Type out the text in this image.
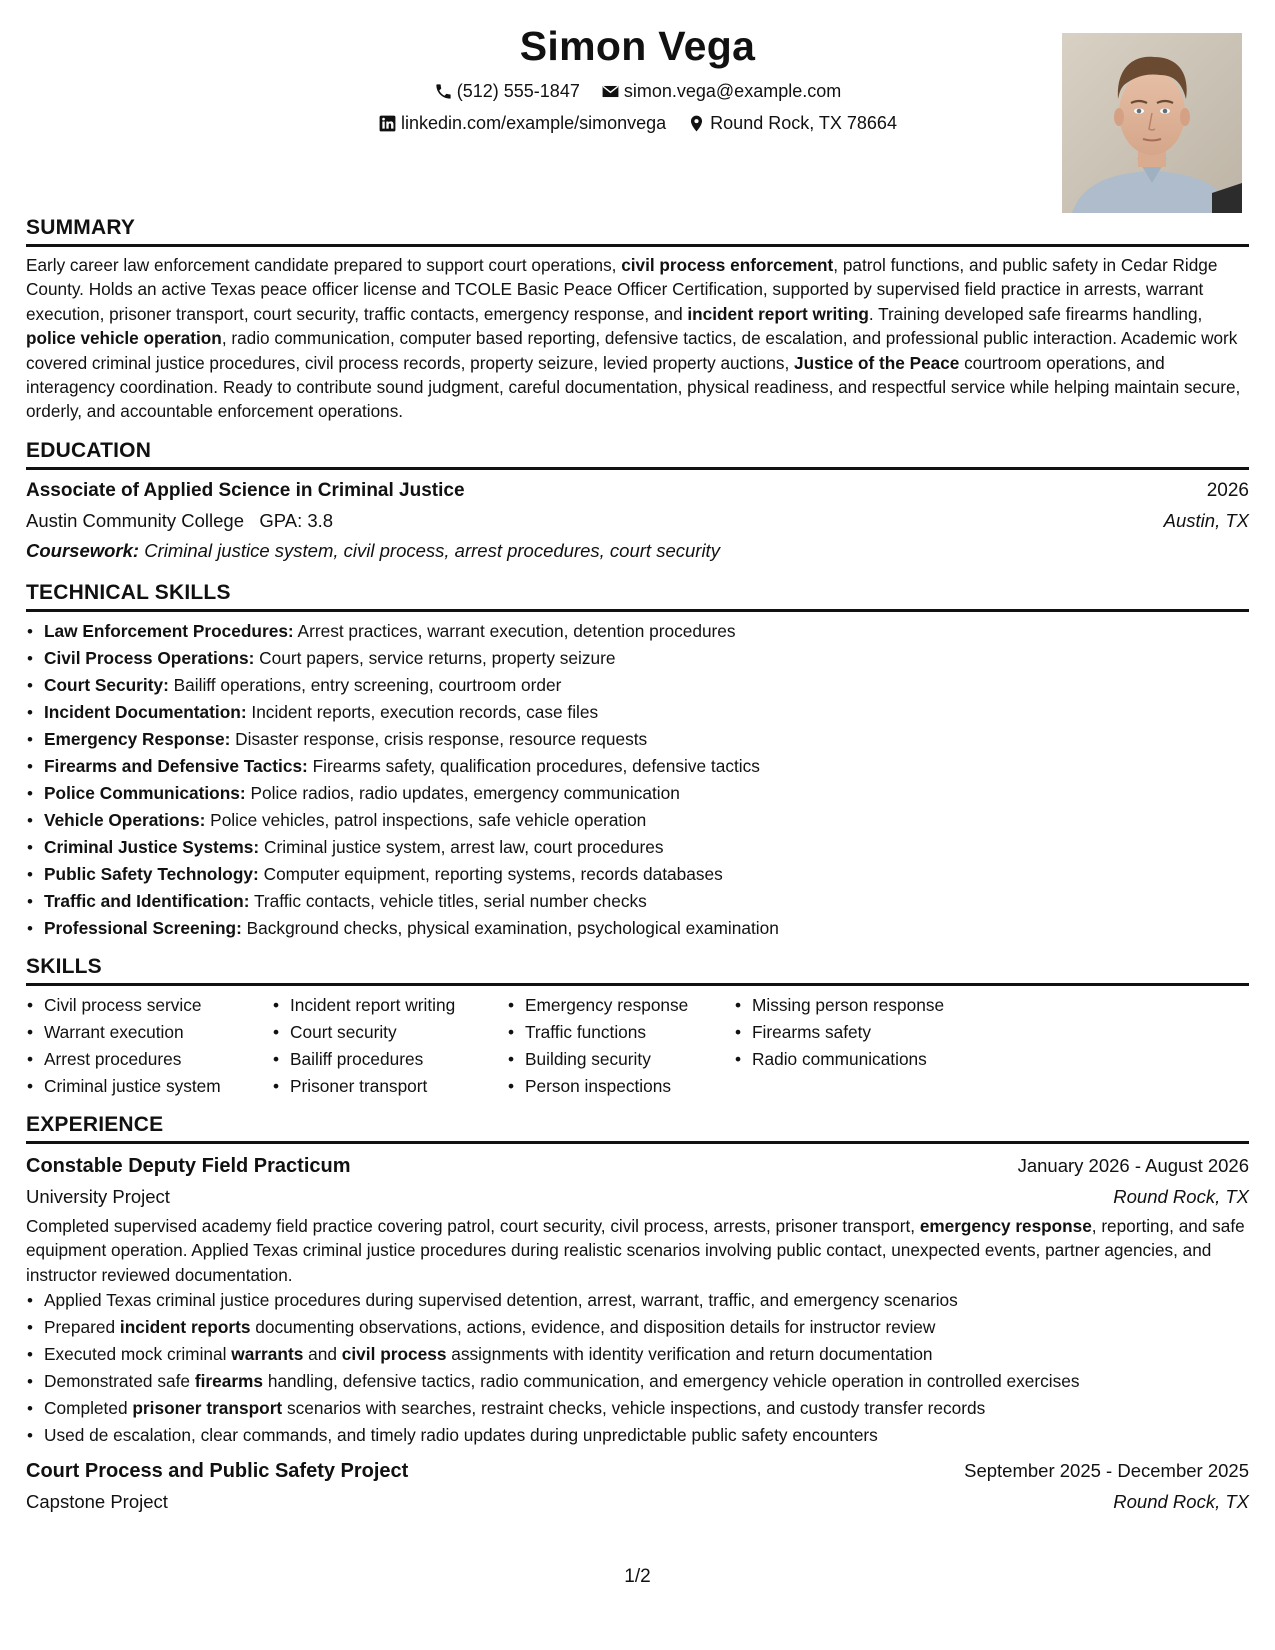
Simon Vega
(512) 555-1847
simon.vega@example.com
linkedin.com/example/simonvega
Round Rock, TX 78664
SUMMARY
Early career law enforcement candidate prepared to support court operations, civil process enforcement, patrol functions, and public safety in Cedar Ridge County. Holds an active Texas peace officer license and TCOLE Basic Peace Officer Certification, supported by supervised field practice in arrests, warrant execution, prisoner transport, court security, traffic contacts, emergency response, and incident report writing. Training developed safe firearms handling, police vehicle operation, radio communication, computer based reporting, defensive tactics, de escalation, and professional public interaction. Academic work covered criminal justice procedures, civil process records, property seizure, levied property auctions, Justice of the Peace courtroom operations, and interagency coordination. Ready to contribute sound judgment, careful documentation, physical readiness, and respectful service while helping maintain secure, orderly, and accountable enforcement operations.
EDUCATION
Associate of Applied Science in Criminal Justice	2026
Austin Community College GPA: 3.8	Austin, TX
Coursework: Criminal justice system, civil process, arrest procedures, court security
TECHNICAL SKILLS
• Law Enforcement Procedures: Arrest practices, warrant execution, detention procedures
• Civil Process Operations: Court papers, service returns, property seizure
• Court Security: Bailiff operations, entry screening, courtroom order
• Incident Documentation: Incident reports, execution records, case files
• Emergency Response: Disaster response, crisis response, resource requests
• Firearms and Defensive Tactics: Firearms safety, qualification procedures, defensive tactics
• Police Communications: Police radios, radio updates, emergency communication
• Vehicle Operations: Police vehicles, patrol inspections, safe vehicle operation
• Criminal Justice Systems: Criminal justice system, arrest law, court procedures
• Public Safety Technology: Computer equipment, reporting systems, records databases
• Traffic and Identification: Traffic contacts, vehicle titles, serial number checks
• Professional Screening: Background checks, physical examination, psychological examination
SKILLS
• Civil process service
• Warrant execution
• Arrest procedures
• Criminal justice system
• Incident report writing
• Court security
• Bailiff procedures
• Prisoner transport
• Emergency response
• Traffic functions
• Building security
• Person inspections
• Missing person response
• Firearms safety
• Radio communications
EXPERIENCE
Constable Deputy Field Practicum	January 2026 - August 2026
University Project	Round Rock, TX
Completed supervised academy field practice covering patrol, court security, civil process, arrests, prisoner transport, emergency response, reporting, and safe equipment operation. Applied Texas criminal justice procedures during realistic scenarios involving public contact, unexpected events, partner agencies, and instructor reviewed documentation.
• Applied Texas criminal justice procedures during supervised detention, arrest, warrant, traffic, and emergency scenarios
• Prepared incident reports documenting observations, actions, evidence, and disposition details for instructor review
• Executed mock criminal warrants and civil process assignments with identity verification and return documentation
• Demonstrated safe firearms handling, defensive tactics, radio communication, and emergency vehicle operation in controlled exercises
• Completed prisoner transport scenarios with searches, restraint checks, vehicle inspections, and custody transfer records
• Used de escalation, clear commands, and timely radio updates during unpredictable public safety encounters
Court Process and Public Safety Project	September 2025 - December 2025
Capstone Project	Round Rock, TX
1/2
